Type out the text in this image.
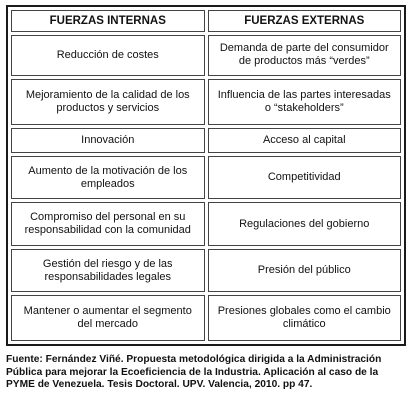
FUERZAS INTERNAS	FUERZAS EXTERNAS
Reducción de costes	Demanda de parte del consumidor de productos más “verdes”
Mejoramiento de la calidad de los productos y servicios	Influencia de las partes interesadas o “stakeholders”
Innovación	Acceso al capital
Aumento de la motivación de los empleados	Competitividad
Compromiso del personal en su responsabilidad con la comunidad	Regulaciones del gobierno
Gestión del riesgo y de las responsabilidades legales	Presión del público
Mantener o aumentar el segmento del mercado	Presiones globales como el cambio climático
Fuente: Fernández Viñé. Propuesta metodológica dirigida a la Administración Pública para mejorar la Ecoeficiencia de la Industria. Aplicación al caso de la PYME de Venezuela. Tesis Doctoral. UPV. Valencia, 2010. pp 47.
